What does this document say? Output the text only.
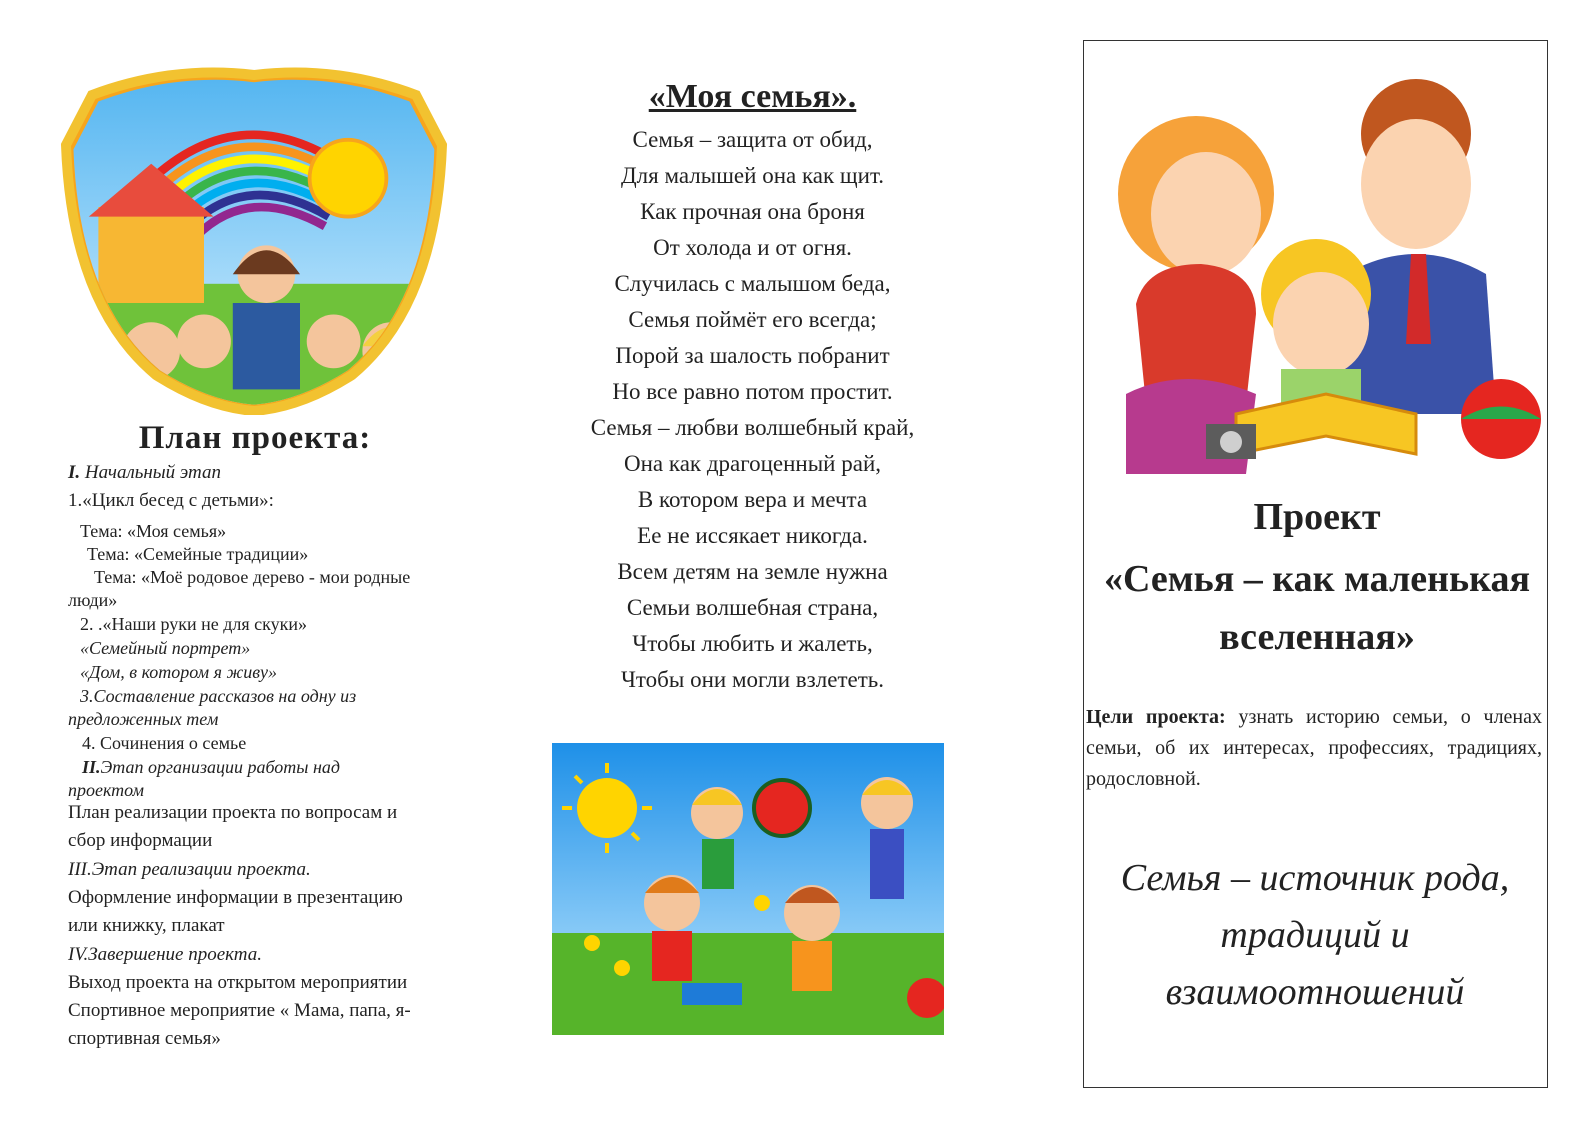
План проекта:
I. Начальный этап
1.«Цикл бесед с детьми»:
Тема: «Моя семья»
Тема: «Семейные традиции»
Тема: «Моё родовое дерево - мои родные
люди»
2. .«Наши руки не для скуки»
«Семейный портрет»
«Дом, в котором я живу»
3.Составление рассказов на одну из
предложенных тем
4. Сочинения о семье
II.Этап организации работы над
проектом
План реализации проекта по вопросам и
сбор информации
III.Этап реализации проекта.
Оформление информации в презентацию
или книжку, плакат
IV.Завершение проекта.
Выход проекта на открытом мероприятии
Спортивное мероприятие « Мама, папа, я-
спортивная семья»
«Моя семья».
Семья – защита от обид,
Для малышей она как щит.
Как прочная она броня
От холода и от огня.
Случилась с малышом беда,
Семья поймёт его всегда;
Порой за шалость побранит
Но все равно потом простит.
Семья – любви волшебный край,
Она как драгоценный рай,
В котором вера и мечта
Ее не иссякает никогда.
Всем детям на земле нужна
Семьи волшебная страна,
Чтобы любить и жалеть,
Чтобы они могли взлететь.
Проект
«Семья – как маленькая
вселенная»
Цели проекта: узнать историю семьи, о членах семьи, об их интересах, профессиях, традициях, родословной.
Семья – источник рода,
традиций и
взаимоотношений
